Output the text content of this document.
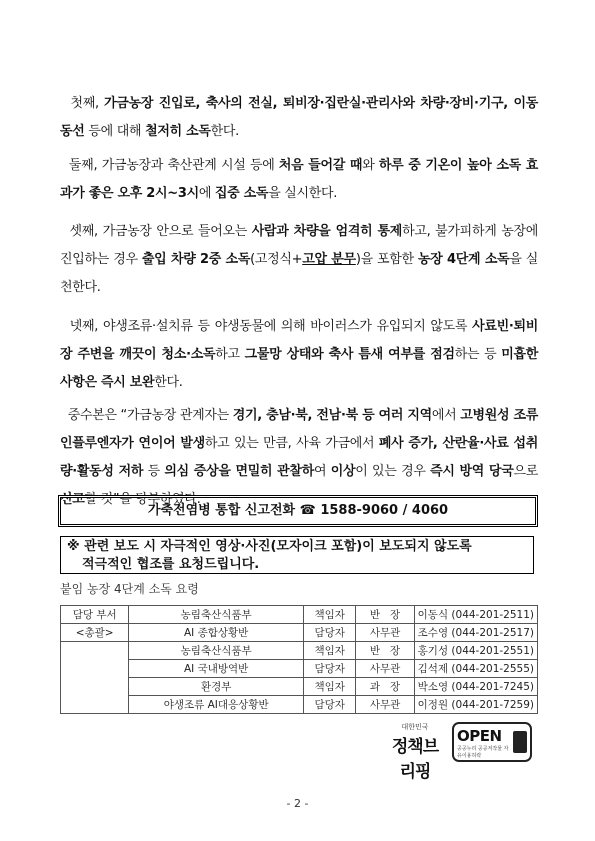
첫째, 가금농장 진입로, 축사의 전실, 퇴비장·집란실·관리사와 차량·장비·기구, 이동 동선 등에 대해 철저히 소독한다.
둘째, 가금농장과 축산관계 시설 등에 처음 들어갈 때와 하루 중 기온이 높아 소독 효과가 좋은 오후 2시~3시에 집중 소독을 실시한다.
셋째, 가금농장 안으로 들어오는 사람과 차량을 엄격히 통제하고, 불가피하게 농장에 진입하는 경우 출입 차량 2중 소독(고정식+고압 분무)을 포함한 농장 4단계 소독을 실천한다.
넷째, 야생조류·설치류 등 야생동물에 의해 바이러스가 유입되지 않도록 사료빈·퇴비장 주변을 깨끗이 청소·소독하고 그물망 상태와 축사 틈새 여부를 점검하는 등 미흡한 사항은 즉시 보완한다.
중수본은 “가금농장 관계자는 경기, 충남·북, 전남·북 등 여러 지역에서 고병원성 조류인플루엔자가 연이어 발생하고 있는 만큼, 사육 가금에서 폐사 증가, 산란율·사료 섭취량·활동성 저하 등 의심 증상을 면밀히 관찰하여 이상이 있는 경우 즉시 방역 당국으로 신고할 것”을 당부하였다.
가축전염병 통합 신고전화 ☎ 1588-9060 / 4060
※ 관련 보도 시 자극적인 영상·사진(모자이크 포함)이 보도되지 않도록
적극적인 협조를 요청드립니다.
붙임 농장 4단계 소독 요령
담당 부서	농림축산식품부	책임자	반   장	이동식 (044-201-2511)
<총괄>	AI 종합상황반	담당자	사무관	조수영 (044-201-2517)
	농림축산식품부	책임자	반   장	홍기성 (044-201-2551)
	AI 국내방역반	담당자	사무관	김석제 (044-201-2555)
	환경부	책임자	과   장	박소영 (044-201-7245)
	야생조류 AI대응상황반	담당자	사무관	이정원 (044-201-7259)
대한민국
정책브리핑
OPEN
공공누리 공공저작물 자유이용허락
- 2 -
